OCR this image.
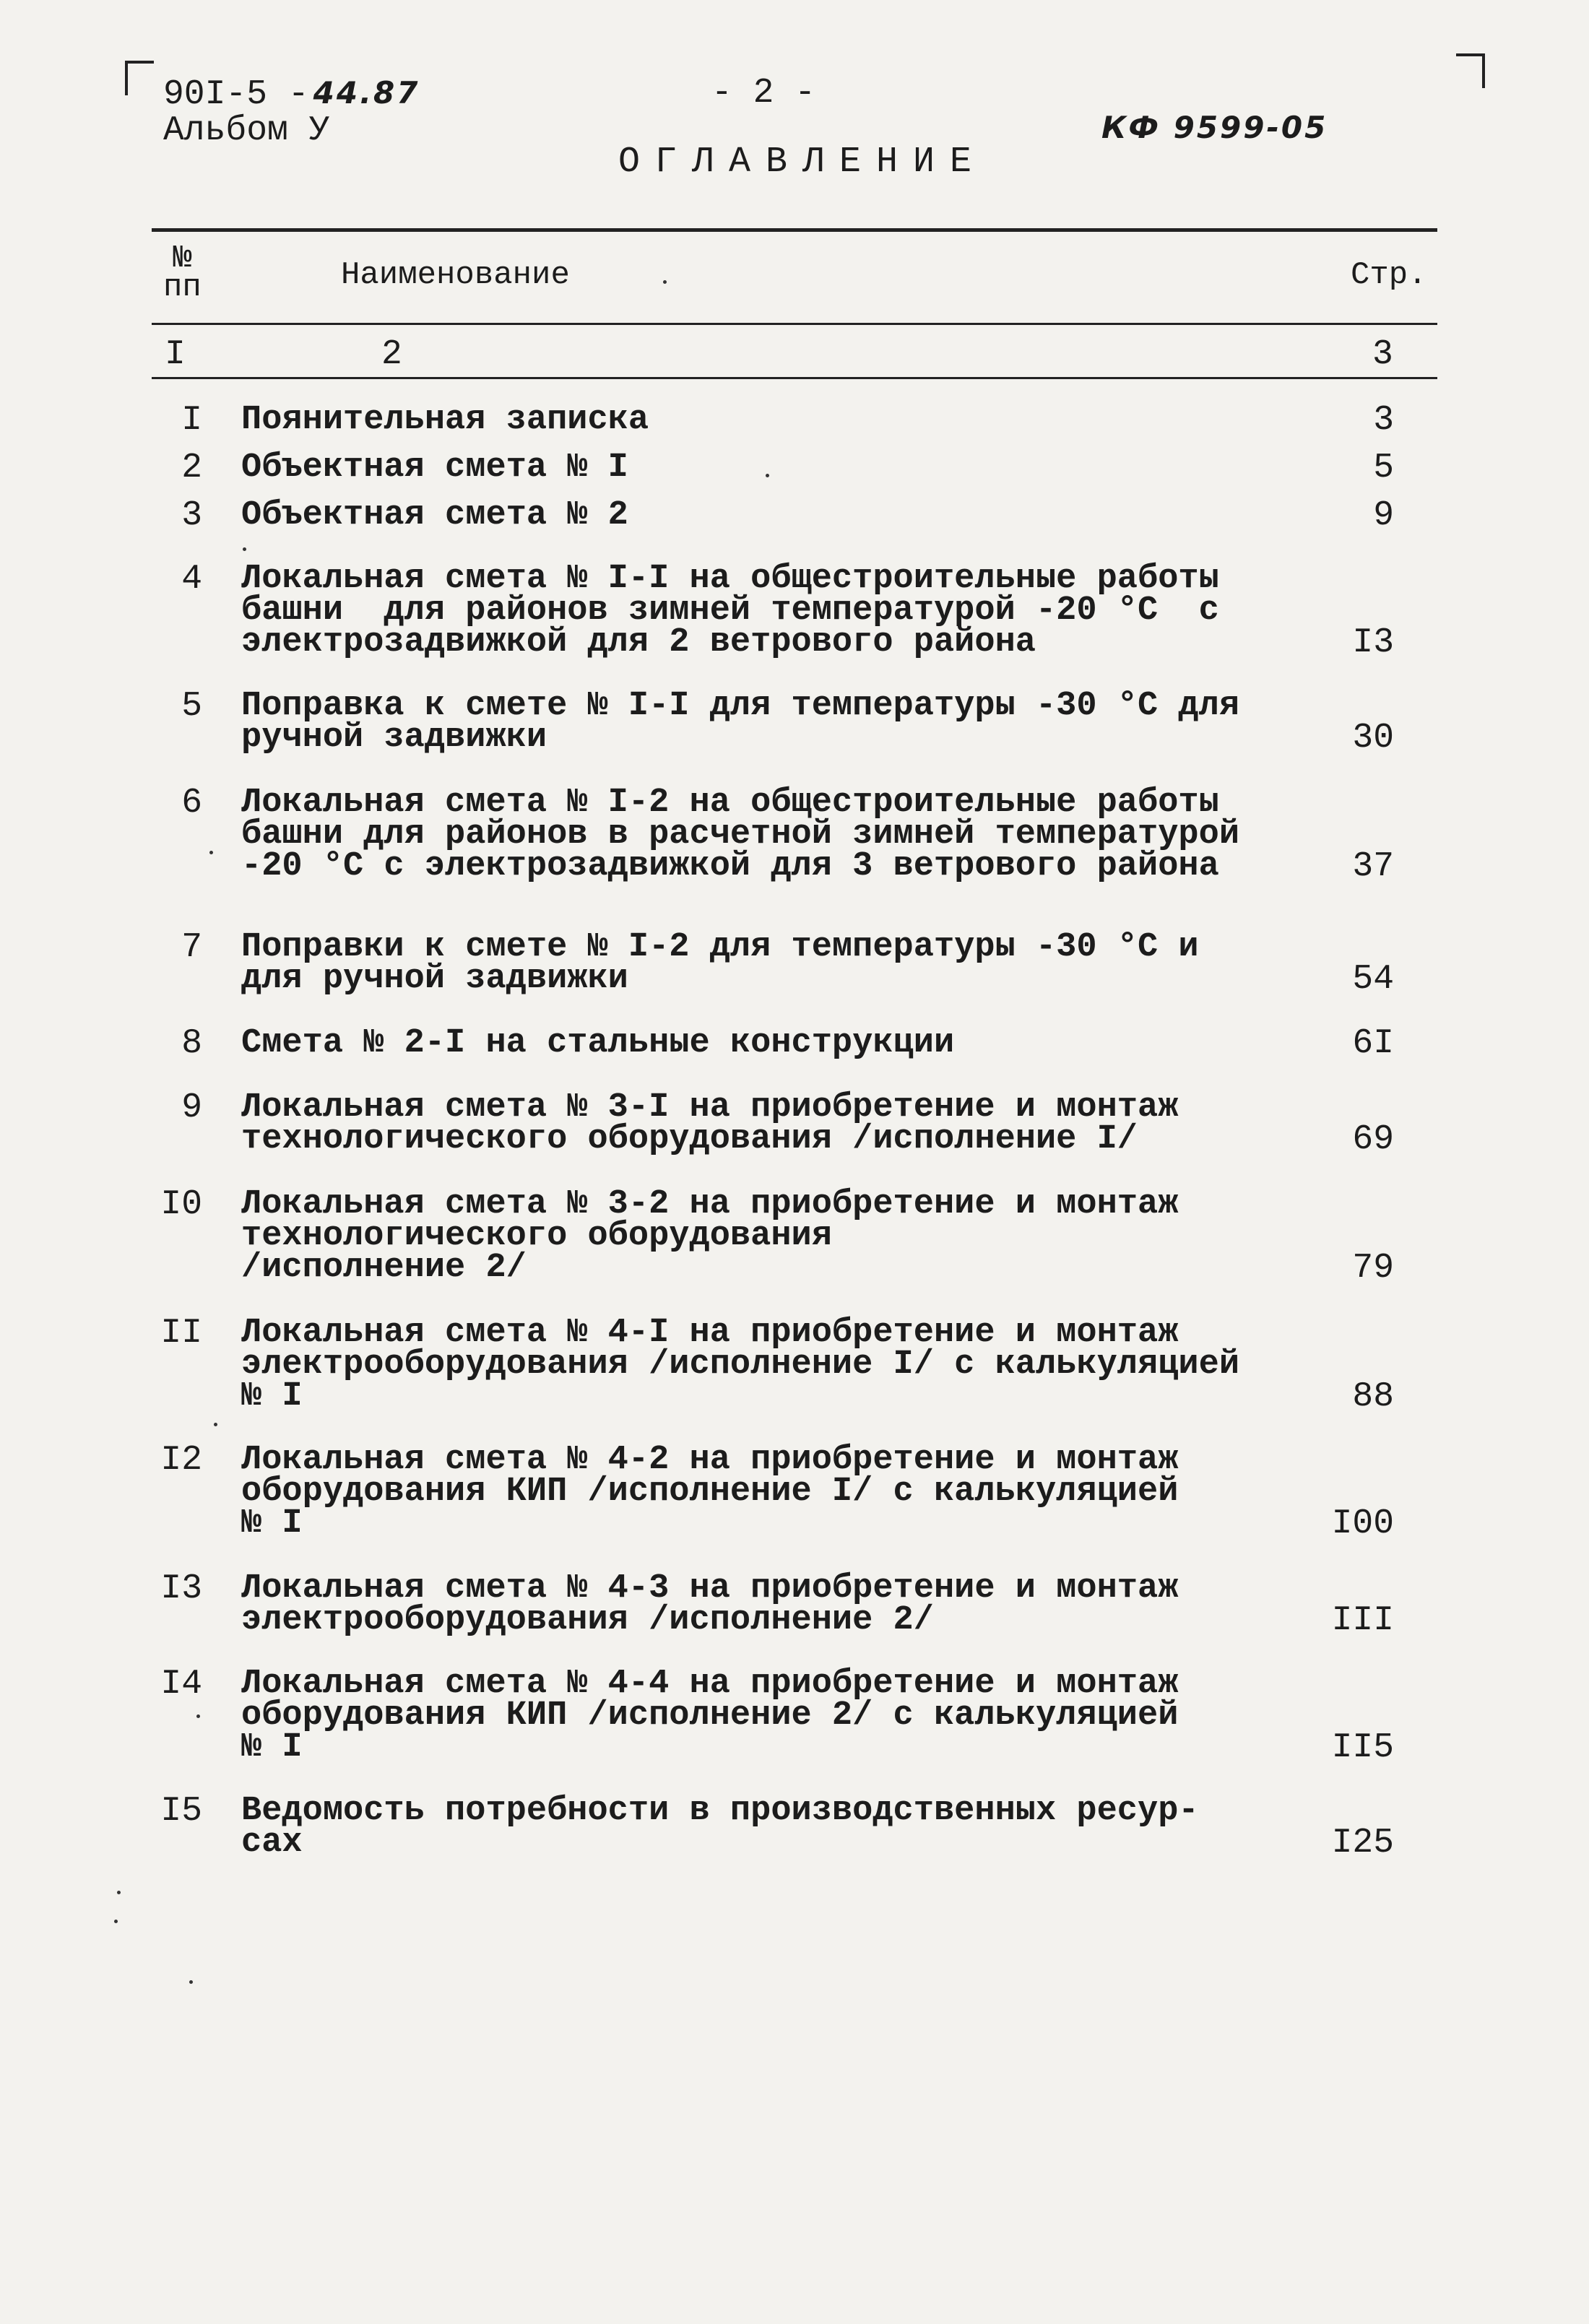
90I-5 - 44.87
Альбом У
- 2 -
КФ 9599-05
ОГЛАВЛЕНИЕ
№
пп	Наименование	Стр.
I	2	3
I Поянительная записка	3
2 Объектная смета № I	5
3 Объектная смета № 2	9
4 Локальная смета № I-I на общестроительные работы
башни  для районов зимней температурой -20 °С  с
электрозадвижкой для 2 ветрового района	I3
5 Поправка к смете № I-I для температуры -30 °С для
ручной задвижки	30
6 Локальная смета № I-2 на общестроительные работы
башни для районов в расчетной зимней температурой
-20 °С с электрозадвижкой для 3 ветрового района	37
7 Поправки к смете № I-2 для температуры -30 °С и
для ручной задвижки	54
8 Смета № 2-I на стальные конструкции	6I
9 Локальная смета № 3-I на приобретение и монтаж
технологического оборудования /исполнение I/	69
I0 Локальная смета № 3-2 на приобретение и монтаж
технологического оборудования
/исполнение 2/	79
II Локальная смета № 4-I на приобретение и монтаж
электрооборудования /исполнение I/ с калькуляцией
№ I	88
I2 Локальная смета № 4-2 на приобретение и монтаж
оборудования КИП /исполнение I/ с калькуляцией
№ I	I00
I3 Локальная смета № 4-3 на приобретение и монтаж
электрооборудования /исполнение 2/	III
I4 Локальная смета № 4-4 на приобретение и монтаж
оборудования КИП /исполнение 2/ с калькуляцией
№ I	II5
I5 Ведомость потребности в производственных ресур-
сах	I25
